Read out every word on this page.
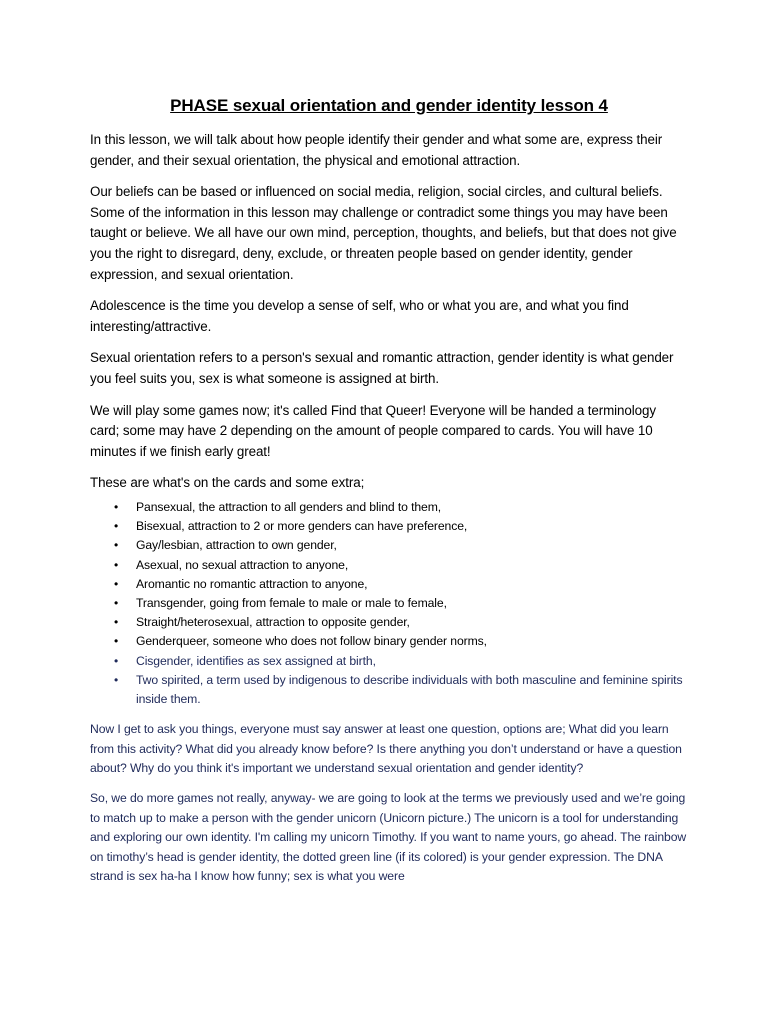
PHASE sexual orientation and gender identity lesson 4

In this lesson, we will talk about how people identify their gender and what some are, express their gender, and their sexual orientation, the physical and emotional attraction.

Our beliefs can be based or influenced on social media, religion, social circles, and cultural beliefs. Some of the information in this lesson may challenge or contradict some things you may have been taught or believe. We all have our own mind, perception, thoughts, and beliefs, but that does not give you the right to disregard, deny, exclude, or threaten people based on gender identity, gender expression, and sexual orientation.

Adolescence is the time you develop a sense of self, who or what you are, and what you find interesting/attractive.

Sexual orientation refers to a person's sexual and romantic attraction, gender identity is what gender you feel suits you, sex is what someone is assigned at birth.

We will play some games now; it's called Find that Queer! Everyone will be handed a terminology card; some may have 2 depending on the amount of people compared to cards. You will have 10 minutes if we finish early great!

These are what's on the cards and some extra;

• Pansexual, the attraction to all genders and blind to them,
• Bisexual, attraction to 2 or more genders can have preference,
• Gay/lesbian, attraction to own gender,
• Asexual, no sexual attraction to anyone,
• Aromantic no romantic attraction to anyone,
• Transgender, going from female to male or male to female,
• Straight/heterosexual, attraction to opposite gender,
• Genderqueer, someone who does not follow binary gender norms,
• Cisgender, identifies as sex assigned at birth,
• Two spirited, a term used by indigenous to describe individuals with both masculine and feminine spirits inside them.

Now I get to ask you things, everyone must say answer at least one question, options are; What did you learn from this activity? What did you already know before? Is there anything you don’t understand or have a question about? Why do you think it's important we understand sexual orientation and gender identity?

So, we do more games not really, anyway- we are going to look at the terms we previously used and we’re going to match up to make a person with the gender unicorn (Unicorn picture.) The unicorn is a tool for understanding and exploring our own identity. I'm calling my unicorn Timothy. If you want to name yours, go ahead. The rainbow on timothy’s head is gender identity, the dotted green line (if its colored) is your gender expression. The DNA strand is sex ha-ha I know how funny; sex is what you were
